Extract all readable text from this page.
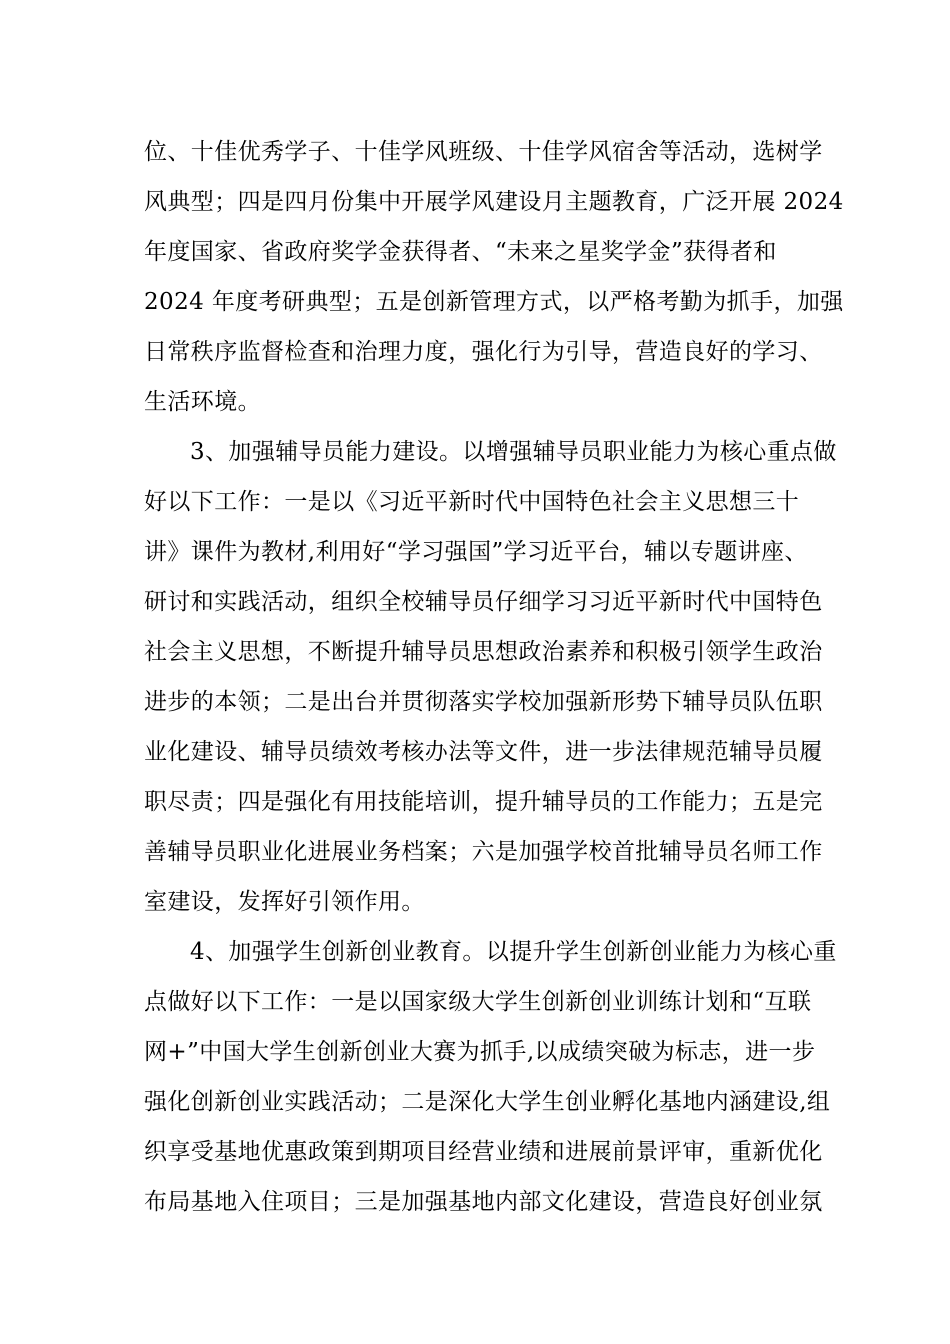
位、十佳优秀学子、十佳学风班级、十佳学风宿舍等活动，选树学
风典型；四是四月份集中开展学风建设月主题教育，广泛开展 2024
年度国家、省政府奖学金获得者、“未来之星奖学金”获得者和
2024 年度考研典型；五是创新管理方式，以严格考勤为抓手，加强
日常秩序监督检查和治理力度，强化行为引导，营造良好的学习、
生活环境。
3、加强辅导员能力建设。以增强辅导员职业能力为核心重点做
好以下工作：一是以《习近平新时代中国特色社会主义思想三十
讲》课件为教材,利用好“学习强国”学习近平台，辅以专题讲座、
研讨和实践活动，组织全校辅导员仔细学习习近平新时代中国特色
社会主义思想，不断提升辅导员思想政治素养和积极引领学生政治
进步的本领；二是出台并贯彻落实学校加强新形势下辅导员队伍职
业化建设、辅导员绩效考核办法等文件，进一步法律规范辅导员履
职尽责；四是强化有用技能培训，提升辅导员的工作能力；五是完
善辅导员职业化进展业务档案；六是加强学校首批辅导员名师工作
室建设，发挥好引领作用。
4、加强学生创新创业教育。以提升学生创新创业能力为核心重
点做好以下工作：一是以国家级大学生创新创业训练计划和“互联
网+”中国大学生创新创业大赛为抓手,以成绩突破为标志，进一步
强化创新创业实践活动；二是深化大学生创业孵化基地内涵建设,组
织享受基地优惠政策到期项目经营业绩和进展前景评审，重新优化
布局基地入住项目；三是加强基地内部文化建设，营造良好创业氛
